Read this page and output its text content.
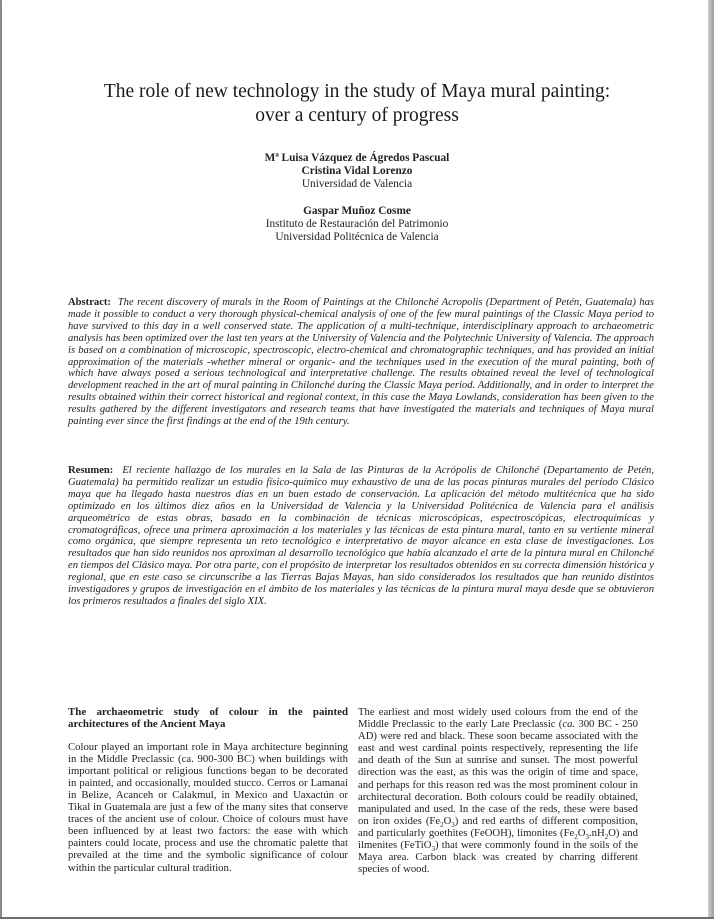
The role of new technology in the study of Maya mural painting:
over a century of progress
Mª Luisa Vázquez de Ágredos Pascual
Cristina Vidal Lorenzo
Universidad de Valencia
Gaspar Muñoz Cosme
Instituto de Restauración del Patrimonio
Universidad Politécnica de Valencia
Abstract: The recent discovery of murals in the Room of Paintings at the Chilonché Acropolis (Department of Petén, Guatemala) has made it possible to conduct a very thorough physical-chemical analysis of one of the few mural paintings of the Classic Maya period to have survived to this day in a well conserved state. The application of a multi-technique, interdisciplinary approach to archaeometric analysis has been optimized over the last ten years at the University of Valencia and the Polytechnic University of Valencia. The approach is based on a combination of microscopic, spectroscopic, electro-chemical and chromatographic techniques, and has provided an initial approximation of the materials -whether mineral or organic- and the techniques used in the execution of the mural painting, both of which have always posed a serious technological and interpretative challenge. The results obtained reveal the level of technological development reached in the art of mural painting in Chilonché during the Classic Maya period. Additionally, and in order to interpret the results obtained within their correct historical and regional context, in this case the Maya Lowlands, consideration has been given to the results gathered by the different investigators and research teams that have investigated the materials and techniques of Maya mural painting ever since the first findings at the end of the 19th century.
Resumen: El reciente hallazgo de los murales en la Sala de las Pinturas de la Acrópolis de Chilonché (Departamento de Petén, Guatemala) ha permitido realizar un estudio físico-químico muy exhaustivo de una de las pocas pinturas murales del período Clásico maya que ha llegado hasta nuestros días en un buen estado de conservación. La aplicación del método multitécnica que ha sido optimizado en los últimos diez años en la Universidad de Valencia y la Universidad Politécnica de Valencia para el análisis arqueométrico de estas obras, basado en la combinación de técnicas microscópicas, espectroscópicas, electroquímicas y cromatográficas, ofrece una primera aproximación a los materiales y las técnicas de esta pintura mural, tanto en su vertiente mineral como orgánica, que siempre representa un reto tecnológico e interpretativo de mayor alcance en esta clase de investigaciones. Los resultados que han sido reunidos nos aproximan al desarrollo tecnológico que había alcanzado el arte de la pintura mural en Chilonché en tiempos del Clásico maya. Por otra parte, con el propósito de interpretar los resultados obtenidos en su correcta dimensión histórica y regional, que en este caso se circunscribe a las Tierras Bajas Mayas, han sido considerados los resultados que han reunido distintos investigadores y grupos de investigación en el ámbito de los materiales y las técnicas de la pintura mural maya desde que se obtuvieron los primeros resultados a finales del siglo XIX.
The archaeometric study of colour in the painted architectures of the Ancient Maya
Colour played an important role in Maya architecture beginning in the Middle Preclassic (ca. 900-300 BC) when buildings with important political or religious functions began to be decorated in painted, and occasionally, moulded stucco. Cerros or Lamanai in Belize, Acanceh or Calakmul, in Mexico and Uaxactún or Tikal in Guatemala are just a few of the many sites that conserve traces of the ancient use of colour. Choice of colours must have been influenced by at least two factors: the ease with which painters could locate, process and use the chromatic palette that prevailed at the time and the symbolic significance of colour within the particular cultural tradition.
The earliest and most widely used colours from the end of the Middle Preclassic to the early Late Preclassic (ca. 300 BC - 250 AD) were red and black. These soon became associated with the east and west cardinal points respectively, representing the life and death of the Sun at sunrise and sunset. The most powerful direction was the east, as this was the origin of time and space, and perhaps for this reason red was the most prominent colour in architectural decoration. Both colours could be readily obtained, manipulated and used. In the case of the reds, these were based on iron oxides $(Fe_2O_3)$ and red earths of different composition, and particularly goethites (FeOOH), limonites $(Fe_2O_3.nH_2O)$ and ilmenites (FeTiO$_3$) that were commonly found in the soils of the Maya area. Carbon black was created by charring different species of wood.
